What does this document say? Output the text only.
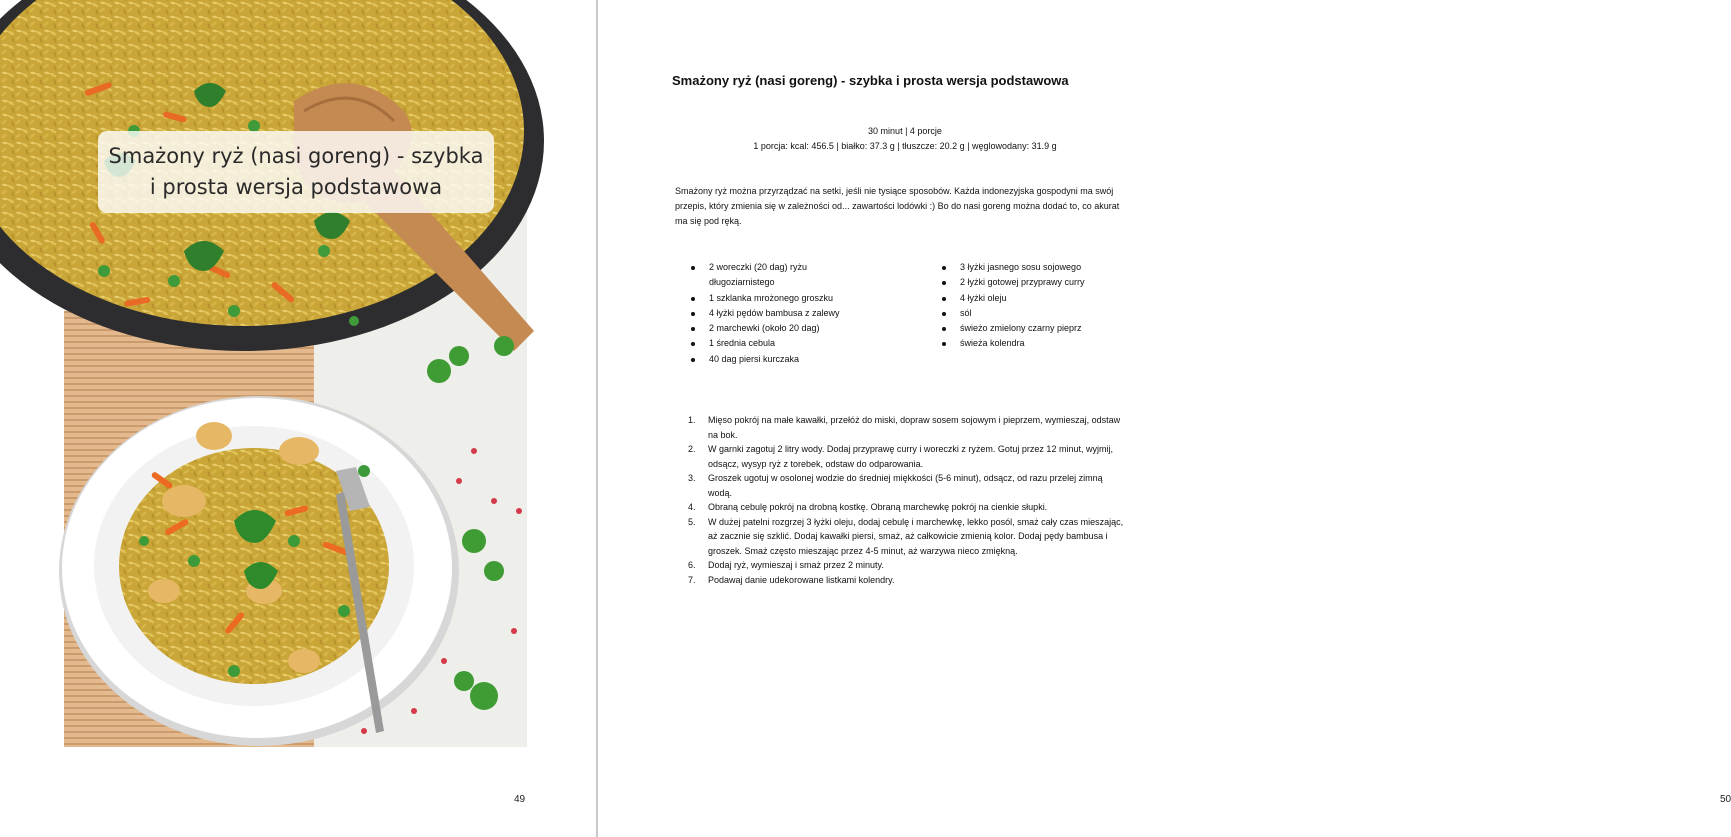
Smażony ryż (nasi goreng) - szybka i prosta wersja podstawowa
49
Smażony ryż (nasi goreng) - szybka i prosta wersja podstawowa
30 minut | 4 porcje
1 porcja: kcal: 456.5 | białko: 37.3 g | tłuszcze: 20.2 g | węglowodany: 31.9 g
Smażony ryż można przyrządzać na setki, jeśli nie tysiące sposobów. Każda indonezyjska gospodyni ma swój przepis, który zmienia się w zależności od... zawartości lodówki :) Bo do nasi goreng można dodać to, co akurat ma się pod ręką.
2 woreczki (20 dag) ryżu długoziarnistego
1 szklanka mrożonego groszku
4 łyżki pędów bambusa z zalewy
2 marchewki (około 20 dag)
1 średnia cebula
40 dag piersi kurczaka
3 łyżki jasnego sosu sojowego
2 łyżki gotowej przyprawy curry
4 łyżki oleju
sól
świeżo zmielony czarny pieprz
świeża kolendra
1. Mięso pokrój na małe kawałki, przełóż do miski, dopraw sosem sojowym i pieprzem, wymieszaj, odstaw na bok.
2. W garnki zagotuj 2 litry wody. Dodaj przyprawę curry i woreczki z ryżem. Gotuj przez 12 minut, wyjmij, odsącz, wysyp ryż z torebek, odstaw do odparowania.
3. Groszek ugotuj w osolonej wodzie do średniej miękkości (5-6 minut), odsącz, od razu przelej zimną wodą.
4. Obraną cebulę pokrój na drobną kostkę. Obraną marchewkę pokrój na cienkie słupki.
5. W dużej patelni rozgrzej 3 łyżki oleju, dodaj cebulę i marchewkę, lekko posól, smaż cały czas mieszając, aż zacznie się szklić. Dodaj kawałki piersi, smaż, aż całkowicie zmienią kolor. Dodaj pędy bambusa i groszek. Smaż często mieszając przez 4-5 minut, aż warzywa nieco zmiękną.
6. Dodaj ryż, wymieszaj i smaż przez 2 minuty.
7. Podawaj danie udekorowane listkami kolendry.
50
